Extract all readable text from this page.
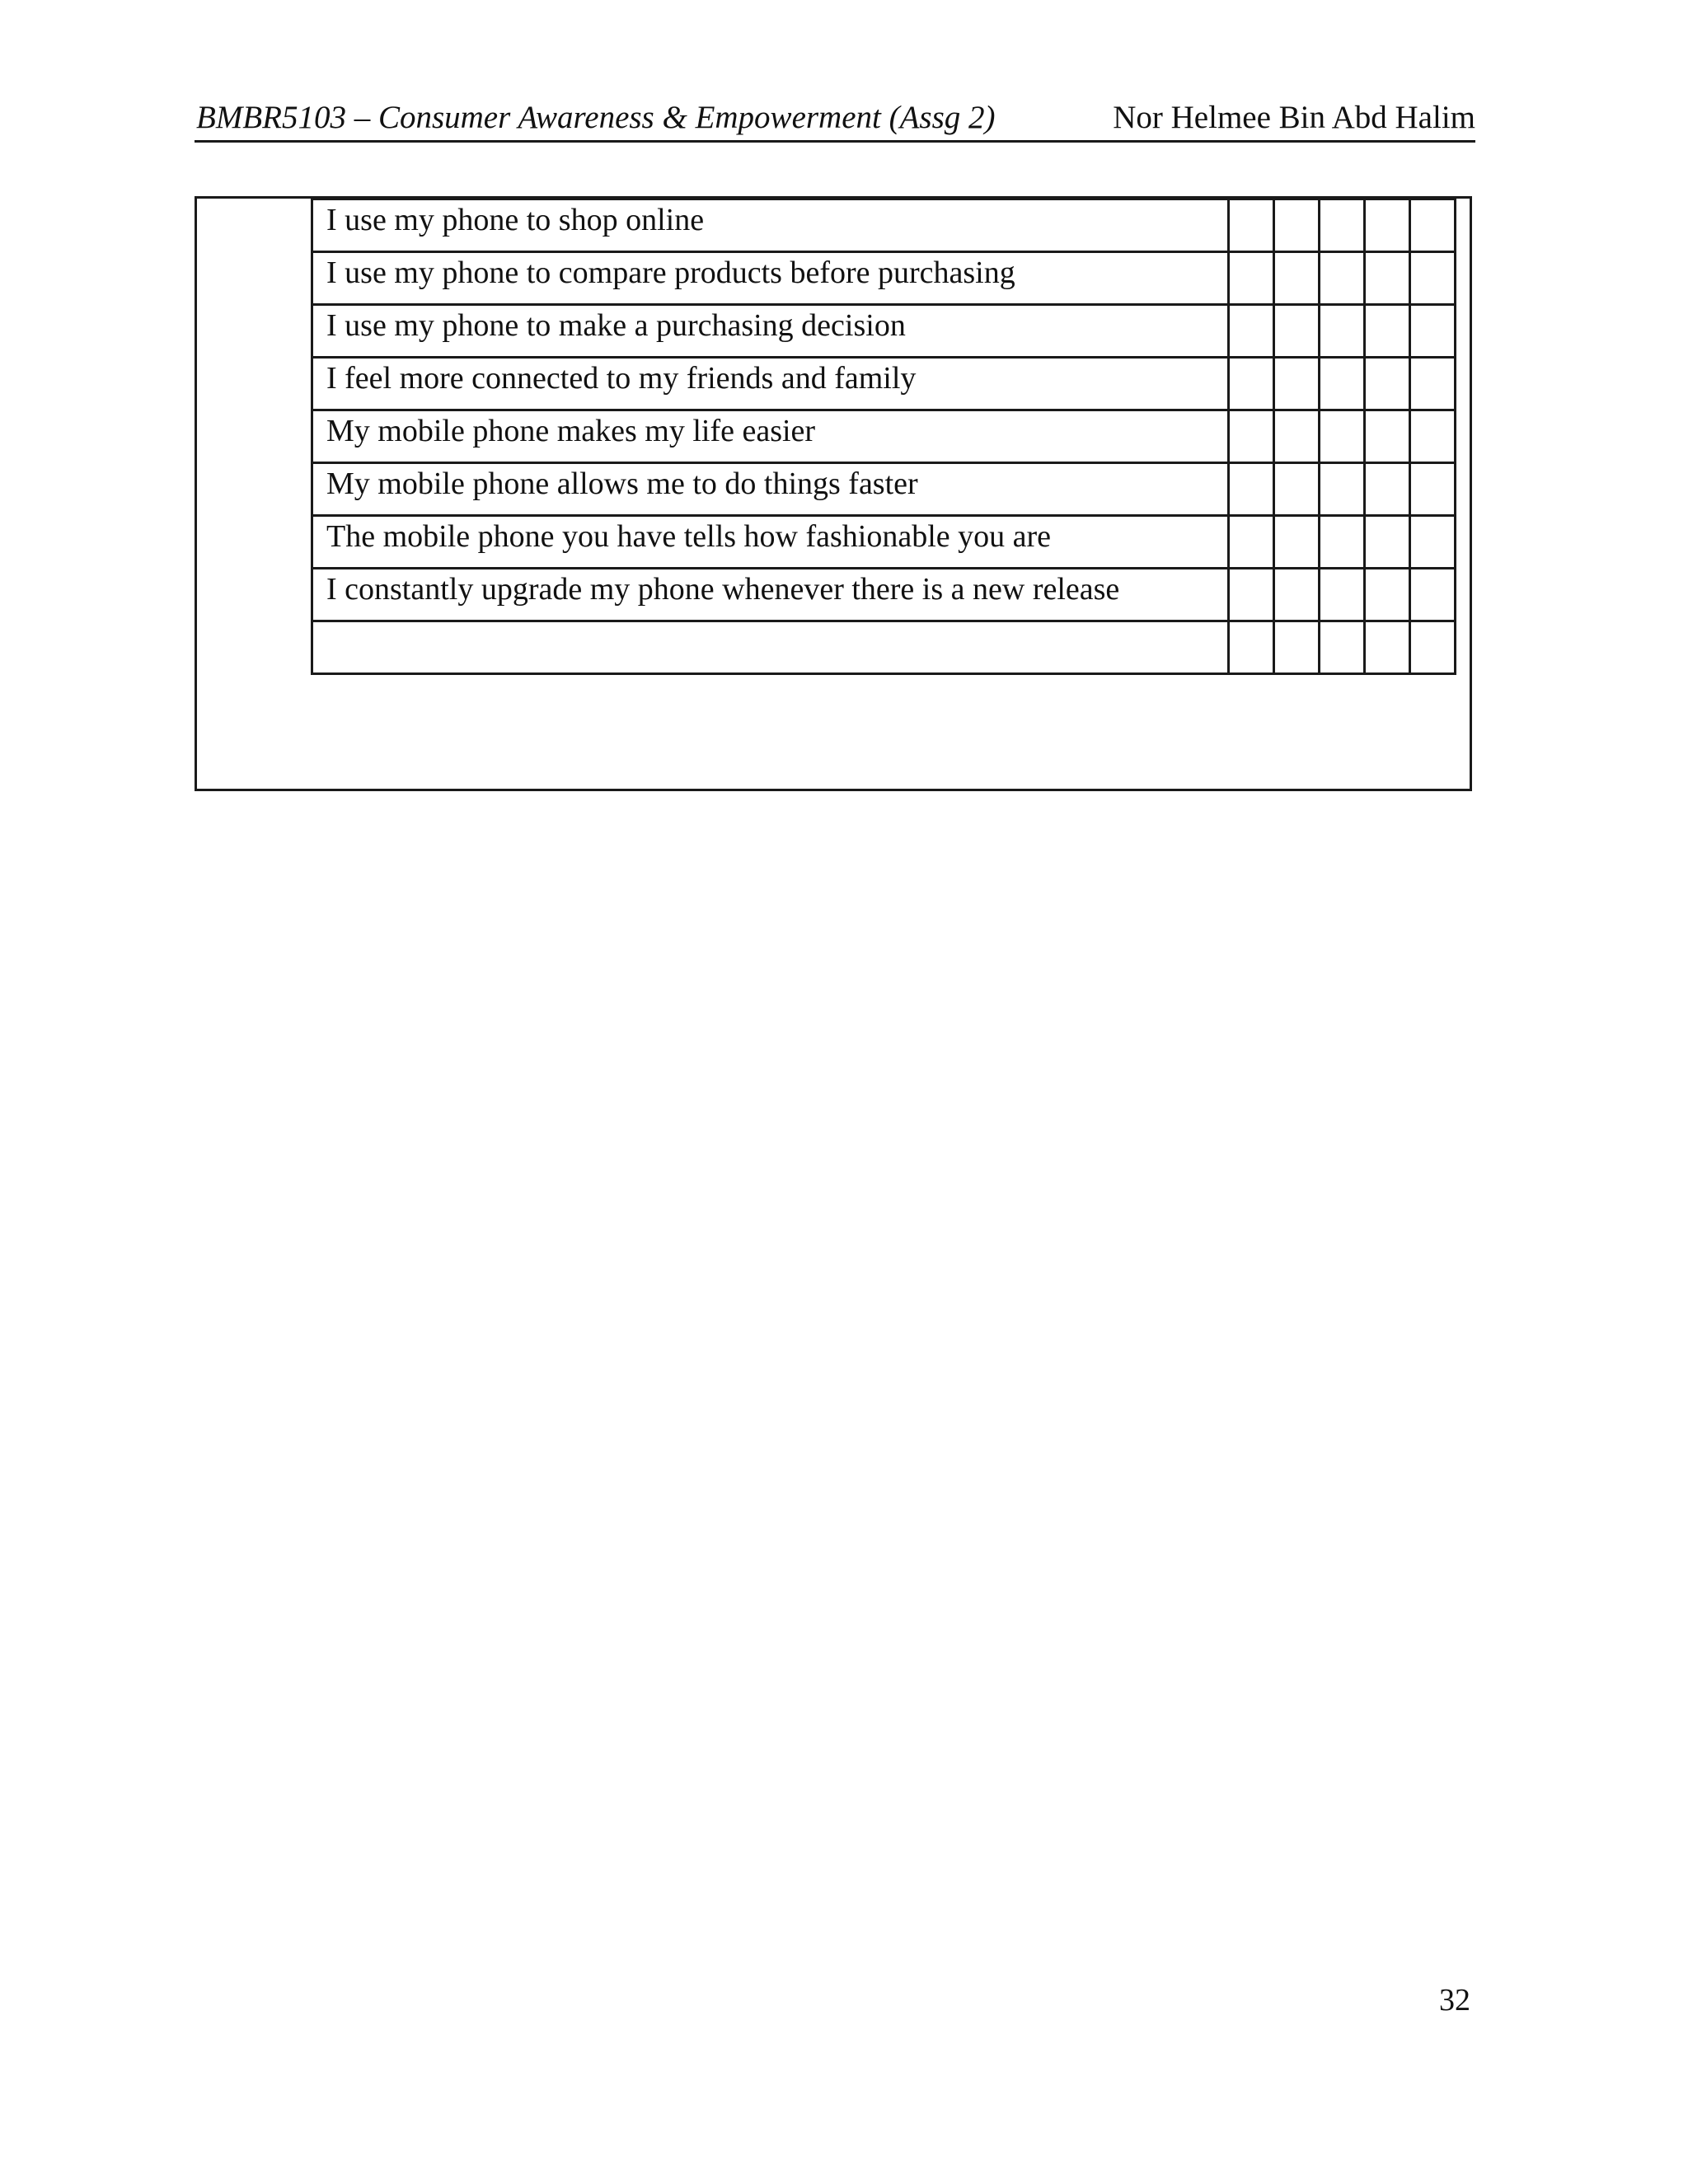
BMBR5103 – Consumer Awareness & Empowerment (Assg 2)	Nor Helmee Bin Abd Halim
I use my phone to shop online					
I use my phone to compare products before purchasing					
I use my phone to make a purchasing decision					
I feel more connected to my friends and family					
My mobile phone makes my life easier					
My mobile phone allows me to do things faster					
The mobile phone you have tells how fashionable you are					
I constantly upgrade my phone whenever there is a new release					

32
